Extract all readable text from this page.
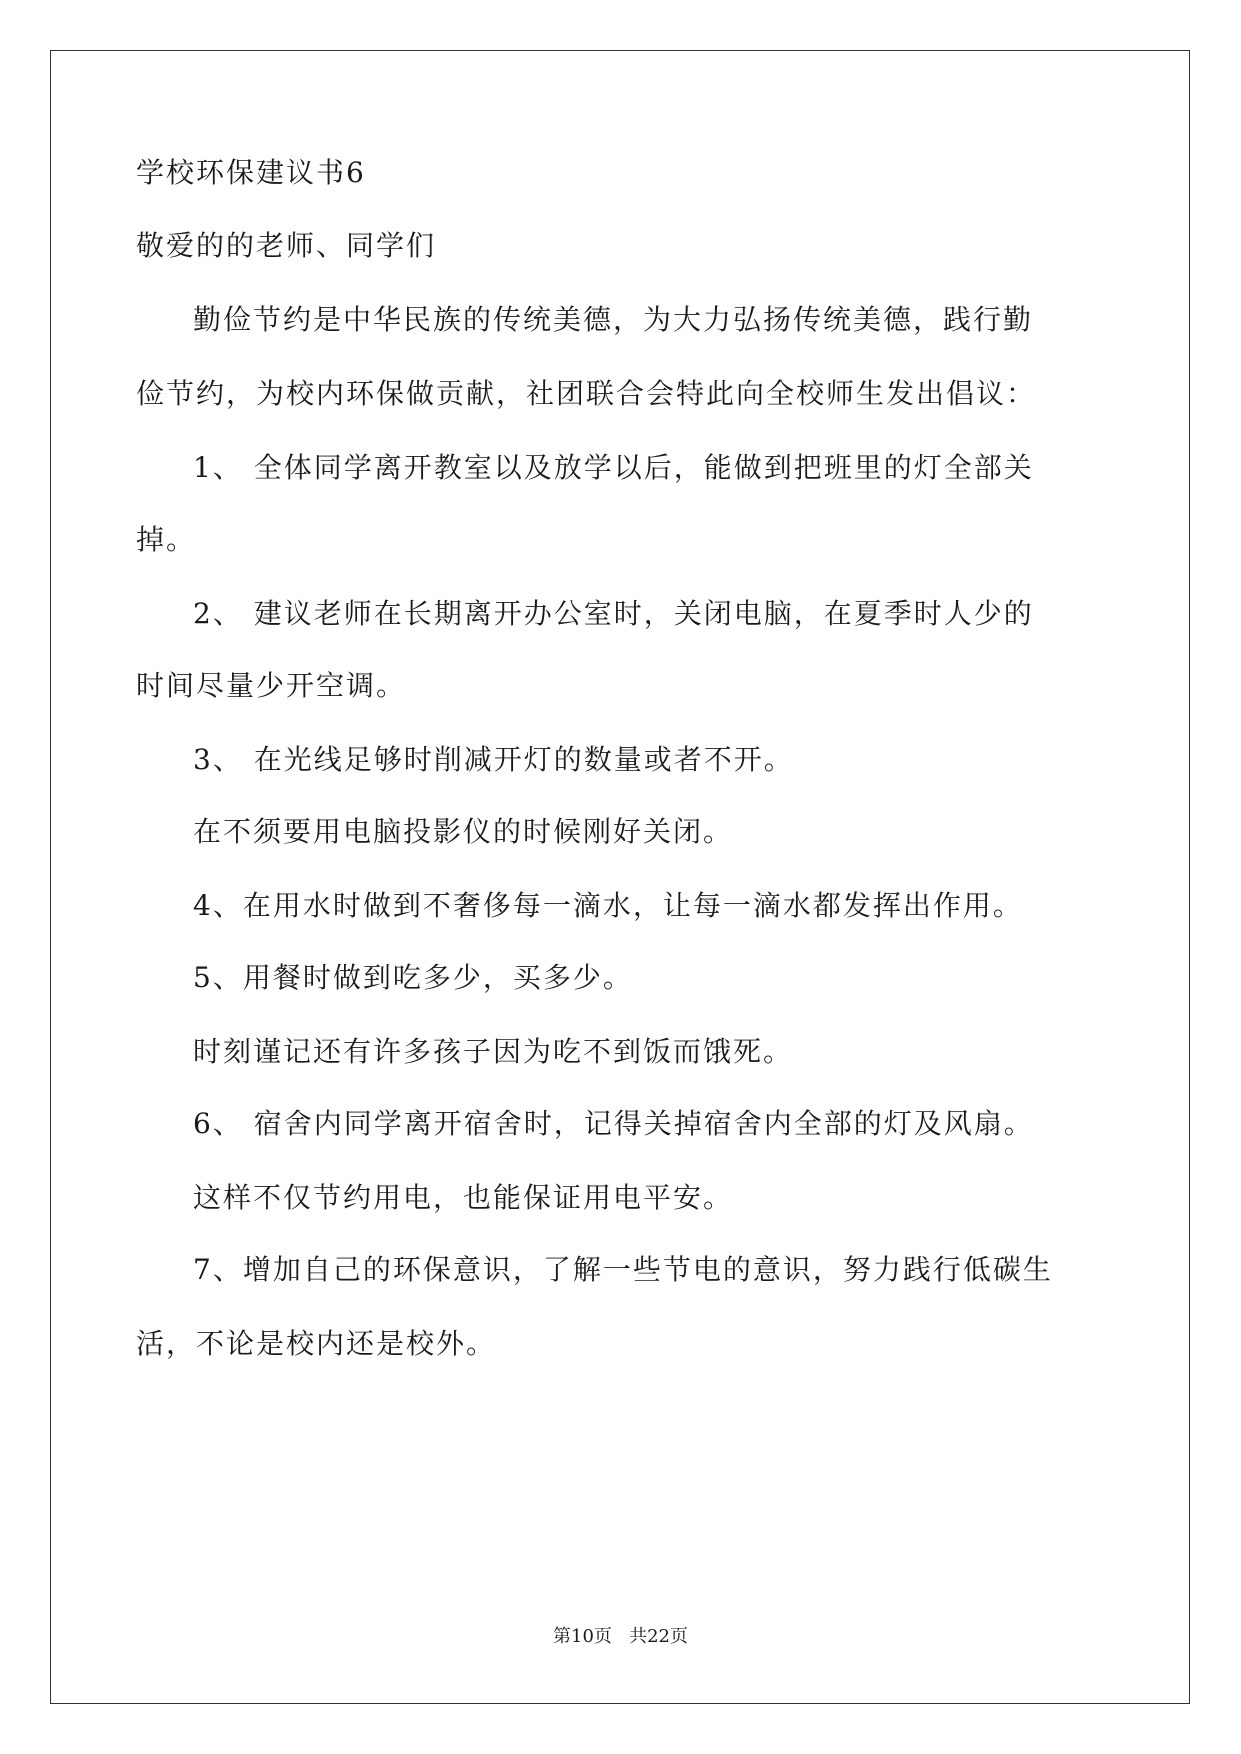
学校环保建议书6
敬爱的的老师、同学们
勤俭节约是中华民族的传统美德，为大力弘扬传统美德，践行勤
俭节约，为校内环保做贡献，社团联合会特此向全校师生发出倡议：
1、 全体同学离开教室以及放学以后，能做到把班里的灯全部关
掉。
2、 建议老师在长期离开办公室时，关闭电脑，在夏季时人少的
时间尽量少开空调。
3、 在光线足够时削减开灯的数量或者不开。
在不须要用电脑投影仪的时候刚好关闭。
4、在用水时做到不奢侈每一滴水，让每一滴水都发挥出作用。
5、用餐时做到吃多少，买多少。
时刻谨记还有许多孩子因为吃不到饭而饿死。
6、 宿舍内同学离开宿舍时，记得关掉宿舍内全部的灯及风扇。
这样不仅节约用电，也能保证用电平安。
7、增加自己的环保意识，了解一些节电的意识，努力践行低碳生
活，不论是校内还是校外。
第10页 共22页
